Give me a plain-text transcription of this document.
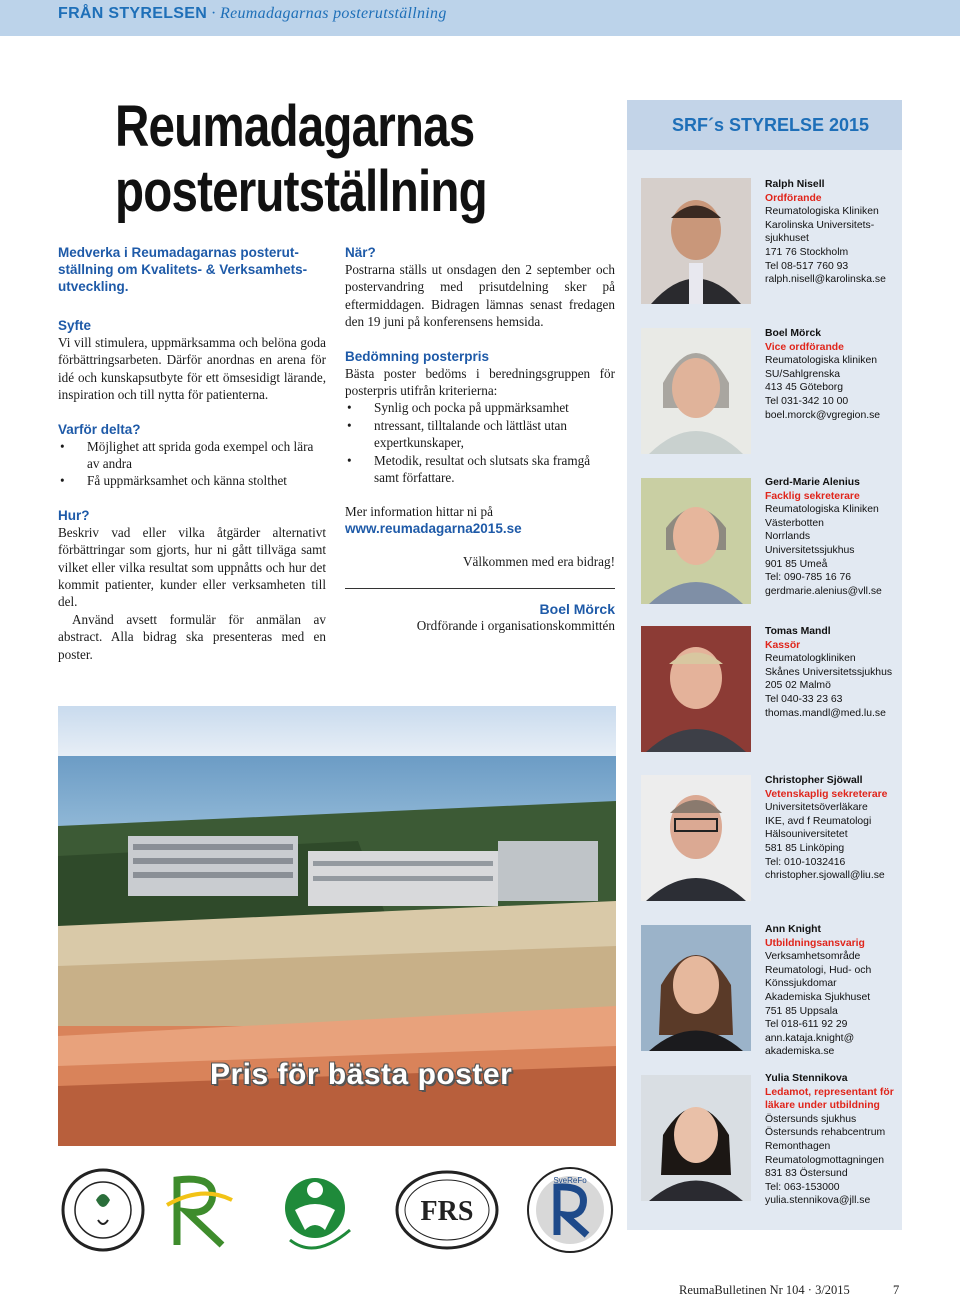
FRÅN STYRELSEN · Reumadagarnas posterutställning
Reumadagarnas
posterutställning
Medverka i Reumadagarnas posterutställning om Kvalitets- & Verksamhetsutveckling.
Syfte

Vi vill stimulera, uppmärksamma och belöna goda förbättringsarbeten. Därför anordnas en arena för idé och kunskapsutbyte för ett ömsesidigt lärande, inspiration och till nytta för patienterna.

Varför delta?
• Möjlighet att sprida goda exempel och lära av andra
• Få uppmärksamhet och känna stolthet
Hur?

Beskriv vad eller vilka åtgärder alternativt förbättringar som gjorts, hur ni gått tillväga samt vilket eller vilka resultat som uppnåtts och hur det kommit patienter, kunder eller verksamheten till del.

Använd avsett formulär för anmälan av abstract. Alla bidrag ska presenteras med en poster.

När?

Postrarna ställs ut onsdagen den 2 september och postervandring med prisutdelning sker på eftermiddagen. Bidragen lämnas senast fredagen den 19 juni på konferensens hemsida.

Bedömning posterpris

Bästa poster bedöms i beredningsgruppen för posterpris utifrån kriterierna:

• Synlig och pocka på uppmärksamhet
• ntressant, tilltalande och lättläst utan expertkunskaper,
• Metodik, resultat och slutsats ska framgå samt författare.
Mer information hittar ni på
www.reumadagarna2015.se
Välkommen med era bidrag!
Boel Mörck
Ordförande i organisationskommittén
Pris för bästa poster
FRS
SveReFo
SRF´s STYRELSE 2015
Ralph Nisell
Ordförande
Reumatologiska Kliniken
Karolinska Universitetssjukhuset
171 76 Stockholm
Tel 08-517 760 93
ralph.nisell@karolinska.se
Boel Mörck
Vice ordförande
Reumatologiska kliniken
SU/Sahlgrenska
413 45 Göteborg
Tel 031-342 10 00
boel.morck@vgregion.se
Gerd-Marie Alenius
Facklig sekreterare
Reumatologiska Kliniken
Västerbotten
Norrlands
Universitetssjukhus
901 85 Umeå
Tel: 090-785 16 76
gerdmarie.alenius@vll.se
Tomas Mandl
Kassör
Reumatologkliniken
Skånes Universitetssjukhus
205 02 Malmö
Tel 040-33 23 63
thomas.mandl@med.lu.se
Christopher Sjöwall
Vetenskaplig sekreterare
Universitetsöverläkare
IKE, avd f Reumatologi
Hälsouniversitetet
581 85 Linköping
Tel: 010-1032416
christopher.sjowall@liu.se
Ann Knight
Utbildningsansvarig
Verksamhetsområde
Reumatologi, Hud- och
Könssjukdomar
Akademiska Sjukhuset
751 85 Uppsala
Tel 018-611 92 29
ann.kataja.knight@
akademiska.se
Yulia Stennikova
Ledamot, representant för läkare under utbildning
Östersunds sjukhus
Östersunds rehabcentrum
Remonthagen
Reumatologmottagningen
831 83 Östersund
Tel: 063-153000
yulia.stennikova@jll.se
ReumaBulletinen Nr 104 · 3/2015	7
